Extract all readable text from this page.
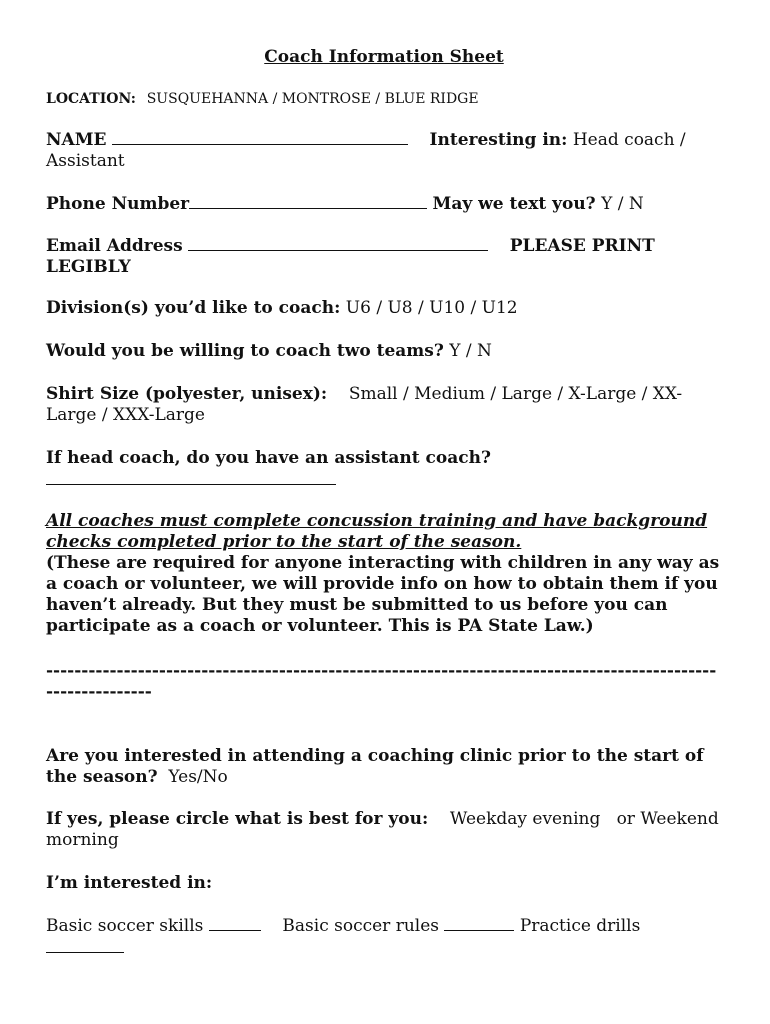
Coach Information Sheet
LOCATION: SUSQUEHANNA / MONTROSE / BLUE RIDGE
NAME	Interesting in: Head coach / Assistant
Phone Number	May we text you? Y / N
Email Address	PLEASE PRINT LEGIBLY
Division(s) you’d like to coach: U6 / U8 / U10 / U12
Would you be willing to coach two teams? Y / N
Shirt Size (polyester, unisex): Small / Medium / Large / X-Large / XX-Large / XXX-Large
If head coach, do you have an assistant coach?

All coaches must complete concussion training and have background checks completed prior to the start of the season.
(These are required for anyone interacting with children in any way as a coach or volunteer, we will provide info on how to obtain them if you haven’t already. But they must be submitted to us before you can participate as a coach or volunteer. This is PA State Law.)
--------------------------------------------------------------------------------------------------------------
Are you interested in attending a coaching clinic prior to the start of the season? Yes/No
If yes, please circle what is best for you: Weekday evening or Weekend morning
I’m interested in:
Basic soccer skills	Basic soccer rules	Practice drills
